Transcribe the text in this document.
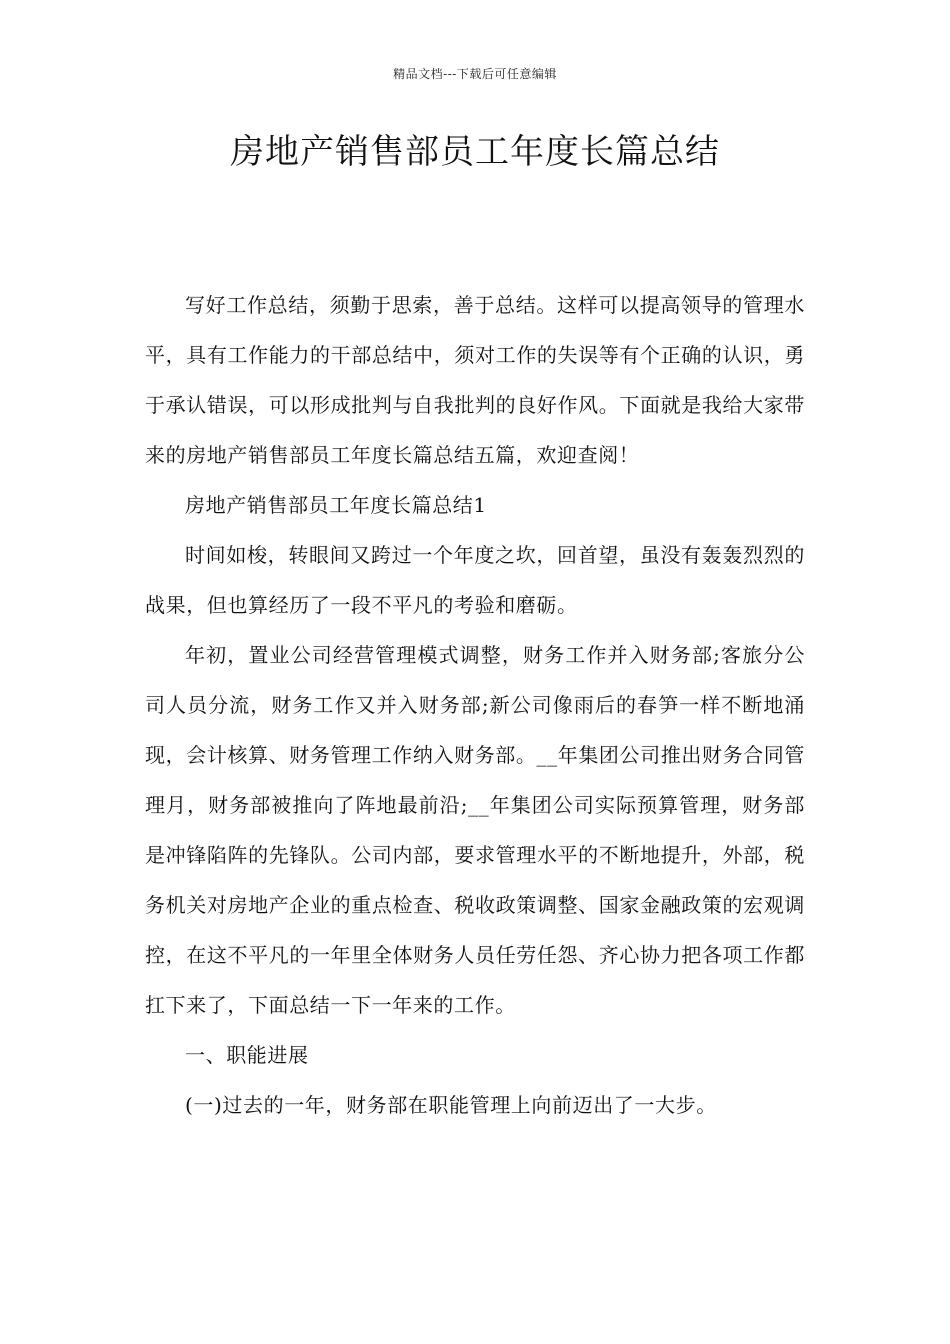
精品文档---下载后可任意编辑
房地产销售部员工年度长篇总结

写好工作总结，须勤于思索，善于总结。这样可以提高领导的管理水平，具有工作能力的干部总结中，须对工作的失误等有个正确的认识，勇于承认错误，可以形成批判与自我批判的良好作风。下面就是我给大家带来的房地产销售部员工年度长篇总结五篇，欢迎查阅！

房地产销售部员工年度长篇总结1

时间如梭，转眼间又跨过一个年度之坎，回首望，虽没有轰轰烈烈的战果，但也算经历了一段不平凡的考验和磨砺。

年初，置业公司经营管理模式调整，财务工作并入财务部;客旅分公司人员分流，财务工作又并入财务部;新公司像雨后的春笋一样不断地涌现，会计核算、财务管理工作纳入财务部。__年集团公司推出财务合同管理月，财务部被推向了阵地最前沿;__年集团公司实际预算管理，财务部是冲锋陷阵的先锋队。公司内部，要求管理水平的不断地提升，外部，税务机关对房地产企业的重点检查、税收政策调整、国家金融政策的宏观调控，在这不平凡的一年里全体财务人员任劳任怨、齐心协力把各项工作都扛下来了，下面总结一下一年来的工作。

一、职能进展

(一)过去的一年，财务部在职能管理上向前迈出了一大步。
